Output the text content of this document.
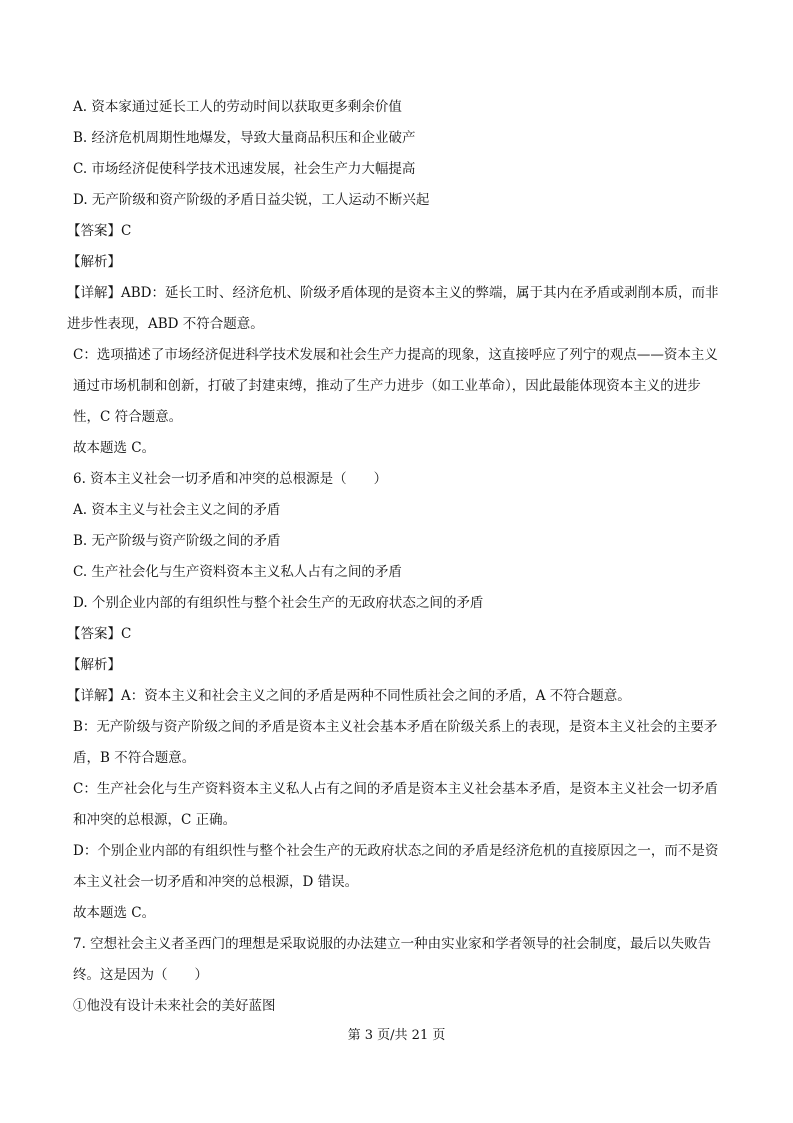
A. 资本家通过延长工人的劳动时间以获取更多剩余价值
B. 经济危机周期性地爆发，导致大量商品积压和企业破产
C. 市场经济促使科学技术迅速发展，社会生产力大幅提高
D. 无产阶级和资产阶级的矛盾日益尖锐，工人运动不断兴起
【答案】C
【解析】
【详解】ABD：延长工时、经济危机、阶级矛盾体现的是资本主义的弊端，属于其内在矛盾或剥削本质，而非进步性表现，ABD 不符合题意。
C：选项描述了市场经济促进科学技术发展和社会生产力提高的现象，这直接呼应了列宁的观点——资本主义通过市场机制和创新，打破了封建束缚，推动了生产力进步（如工业革命），因此最能体现资本主义的进步性，C 符合题意。
故本题选 C。
6. 资本主义社会一切矛盾和冲突的总根源是（　　）
A. 资本主义与社会主义之间的矛盾
B. 无产阶级与资产阶级之间的矛盾
C. 生产社会化与生产资料资本主义私人占有之间的矛盾
D. 个别企业内部的有组织性与整个社会生产的无政府状态之间的矛盾
【答案】C
【解析】
【详解】A：资本主义和社会主义之间的矛盾是两种不同性质社会之间的矛盾，A 不符合题意。
B：无产阶级与资产阶级之间的矛盾是资本主义社会基本矛盾在阶级关系上的表现，是资本主义社会的主要矛盾，B 不符合题意。
C：生产社会化与生产资料资本主义私人占有之间的矛盾是资本主义社会基本矛盾，是资本主义社会一切矛盾和冲突的总根源，C 正确。
D：个别企业内部的有组织性与整个社会生产的无政府状态之间的矛盾是经济危机的直接原因之一，而不是资本主义社会一切矛盾和冲突的总根源，D 错误。
故本题选 C。
7. 空想社会主义者圣西门的理想是采取说服的办法建立一种由实业家和学者领导的社会制度，最后以失败告终。这是因为（　　）
①他没有设计未来社会的美好蓝图
第 3 页/共 21 页
